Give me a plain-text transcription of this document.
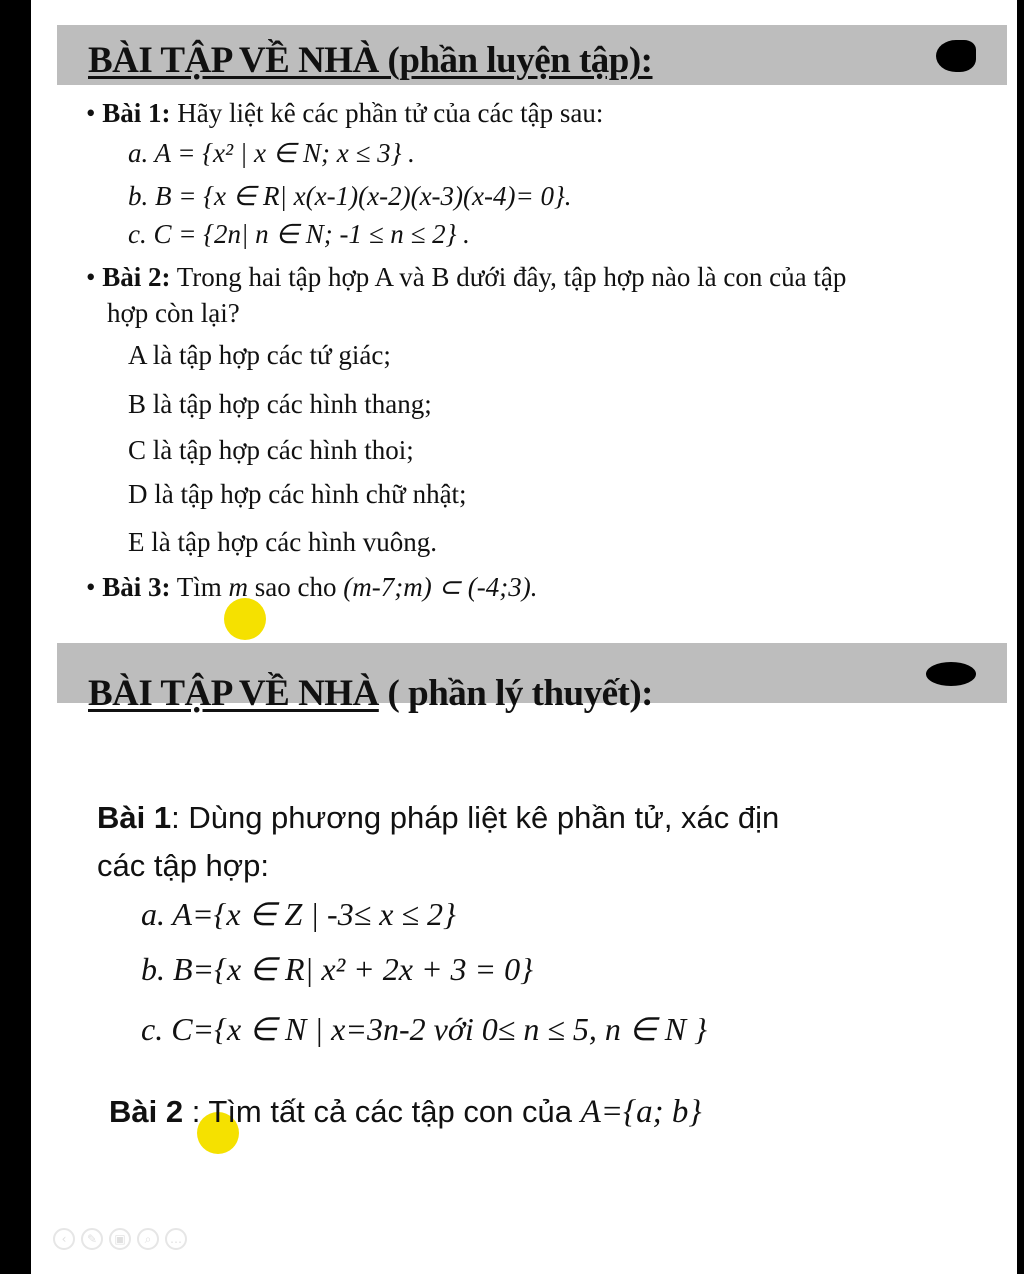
BÀI TẬP VỀ NHÀ (phần luyện tập):
• Bài 1: Hãy liệt kê các phần tử của các tập sau:
a. A = {x² | x ∈ N; x ≤ 3} .
b. B = {x ∈ R| x(x-1)(x-2)(x-3)(x-4)= 0}.
c. C = {2n| n ∈ N; -1 ≤ n ≤ 2} .
• Bài 2: Trong hai tập hợp A và B dưới đây, tập hợp nào là con của tập
hợp còn lại?
A là tập hợp các tứ giác;
B là tập hợp các hình thang;
C là tập hợp các hình thoi;
D là tập hợp các hình chữ nhật;
E là tập hợp các hình vuông.
• Bài 3: Tìm m sao cho (m-7;m) ⊂ (-4;3).
BÀI TẬP VỀ NHÀ ( phần lý thuyết):
Bài 1: Dùng phương pháp liệt kê phần tử, xác địn
các tập hợp:
a. A={x ∈ Z | -3≤ x ≤ 2}
b. B={x ∈ R| x² + 2x + 3 = 0}
c. C={x ∈ N | x=3n-2 với 0≤ n ≤ 5, n ∈ N }
Bài 2 : Tìm tất cả các tập con của A={a; b}
‹	✎	▣	⌕	…
